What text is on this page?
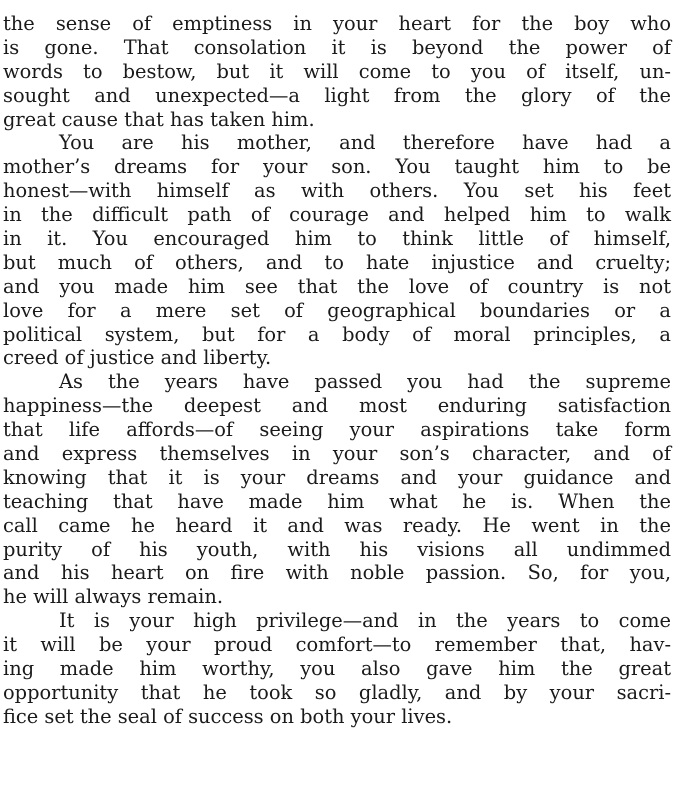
the sense of emptiness in your heart for the boy who
is gone. That consolation it is beyond the power of
words to bestow, but it will come to you of itself, un-
sought and unexpected—a light from the glory of the
great cause that has taken him.
You are his mother, and therefore have had a
mother’s dreams for your son. You taught him to be
honest—with himself as with others. You set his feet
in the difficult path of courage and helped him to walk
in it. You encouraged him to think little of himself,
but much of others, and to hate injustice and cruelty;
and you made him see that the love of country is not
love for a mere set of geographical boundaries or a
political system, but for a body of moral principles, a
creed of justice and liberty.
As the years have passed you had the supreme
happiness—the deepest and most enduring satisfaction
that life affords—of seeing your aspirations take form
and express themselves in your son’s character, and of
knowing that it is your dreams and your guidance and
teaching that have made him what he is. When the
call came he heard it and was ready. He went in the
purity of his youth, with his visions all undimmed
and his heart on fire with noble passion. So, for you,
he will always remain.
It is your high privilege—and in the years to come
it will be your proud comfort—to remember that, hav-
ing made him worthy, you also gave him the great
opportunity that he took so gladly, and by your sacri-
fice set the seal of success on both your lives.
